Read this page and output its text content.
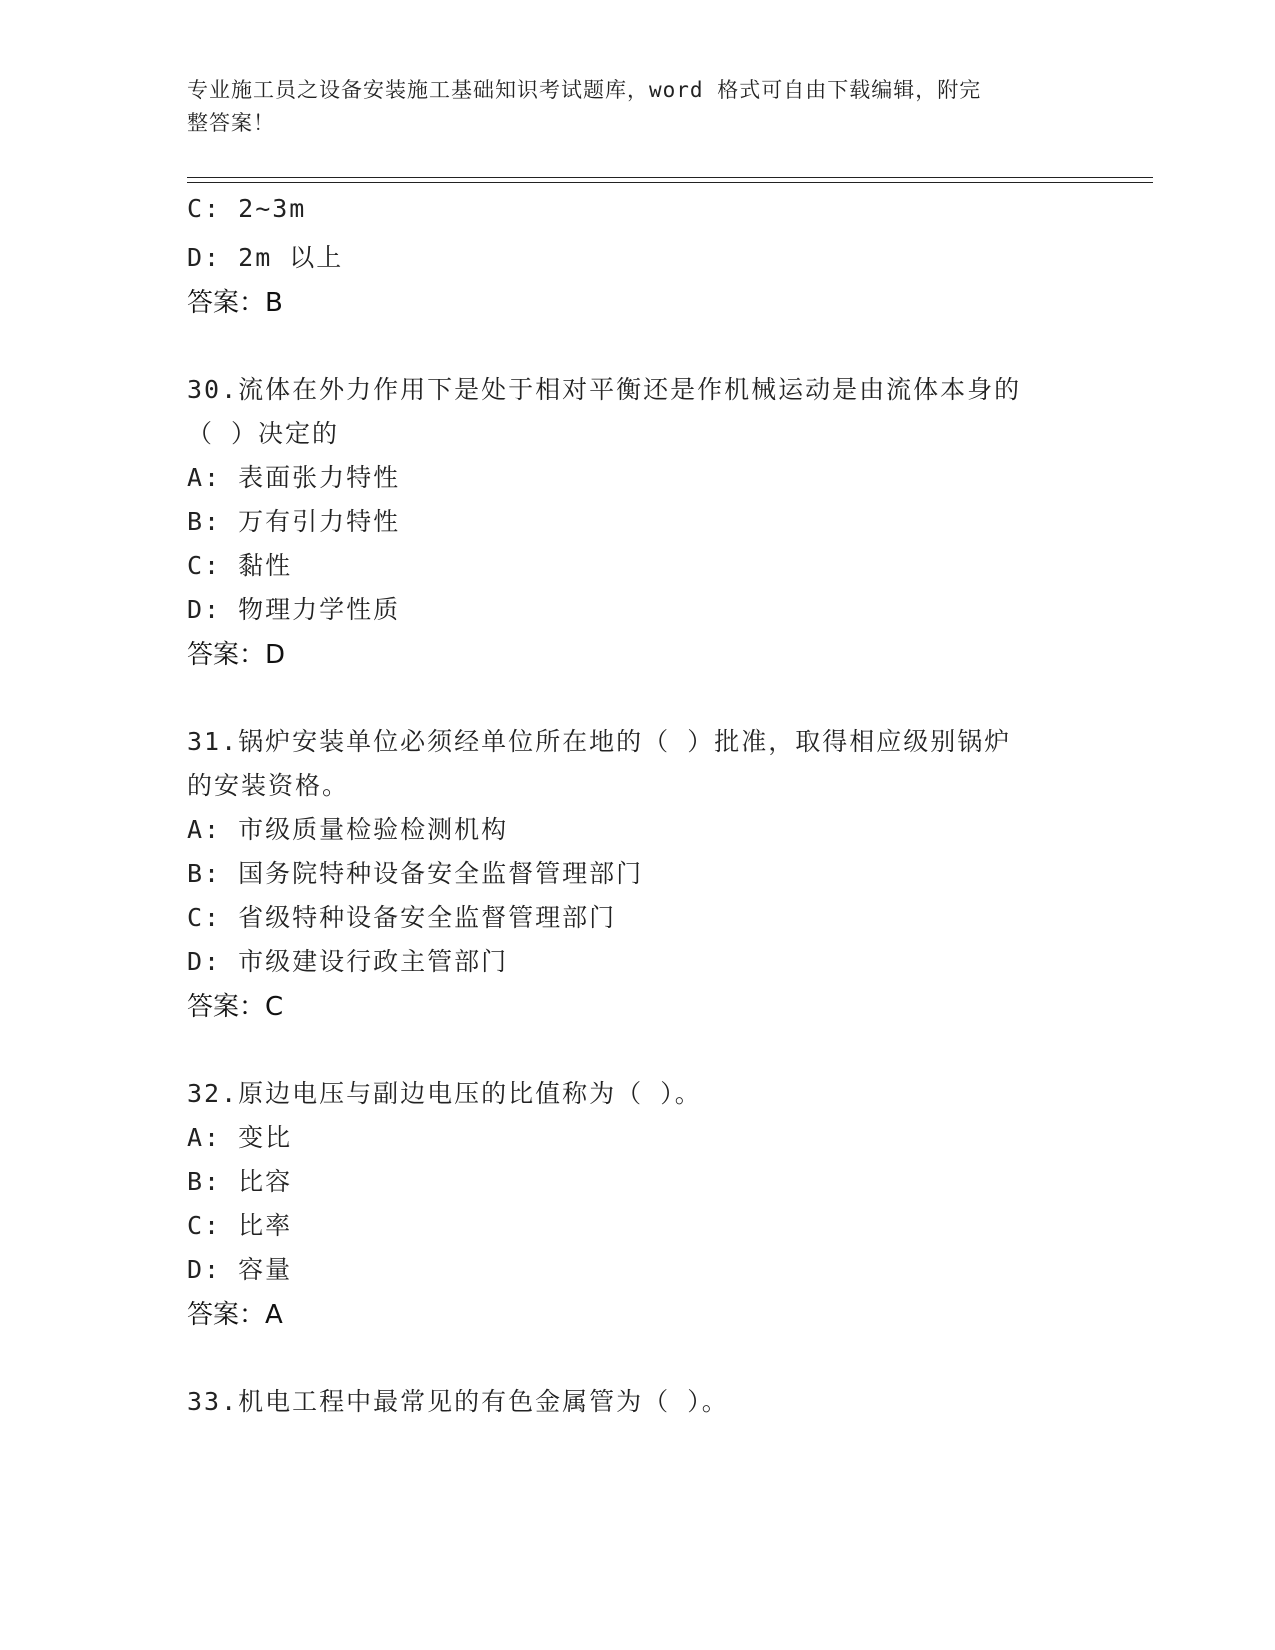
专业施工员之设备安装施工基础知识考试题库，word 格式可自由下载编辑，附完
整答案！
C: 2~3m
D: 2m 以上
答案：B
30.流体在外力作用下是处于相对平衡还是作机械运动是由流体本身的
（ ）决定的
A: 表面张力特性
B: 万有引力特性
C: 黏性
D: 物理力学性质
答案：D
31.锅炉安装单位必须经单位所在地的（ ）批准，取得相应级别锅炉
的安装资格。
A: 市级质量检验检测机构
B: 国务院特种设备安全监督管理部门
C: 省级特种设备安全监督管理部门
D: 市级建设行政主管部门
答案：C
32.原边电压与副边电压的比值称为（ ）。
A: 变比
B: 比容
C: 比率
D: 容量
答案：A
33.机电工程中最常见的有色金属管为（ ）。
